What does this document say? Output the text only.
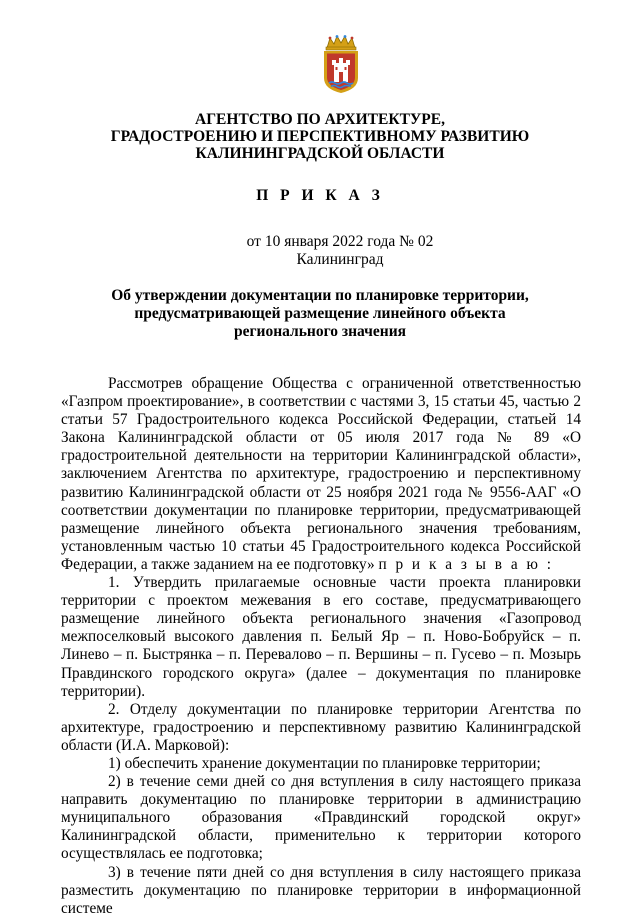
АГЕНТСТВО ПО АРХИТЕКТУРЕ,
ГРАДОСТРОЕНИЮ И ПЕРСПЕКТИВНОМУ РАЗВИТИЮ
КАЛИНИНГРАДСКОЙ ОБЛАСТИ
П Р И К А З
от 10 января 2022 года № 02
Калининград
Об утверждении документации по планировке территории,
предусматривающей размещение линейного объекта
регионального значения

Рассмотрев обращение Общества с ограниченной ответственностью «Газпром проектирование», в соответствии с частями 3, 15 статьи 45, частью 2 статьи 57 Градостроительного кодекса Российской Федерации, статьей 14 Закона Калининградской области от 05 июля 2017 года № 89 «О градостроительной деятельности на территории Калининградской области», заключением Агентства по архитектуре, градостроению и перспективному развитию Калининградской области от 25 ноября 2021 года № 9556-ААГ «О соответствии документации по планировке территории, предусматривающей размещение линейного объекта регионального значения требованиям, установленным частью 10 статьи 45 Градостроительного кодекса Российской Федерации, а также заданием на ее подготовку» п р и к а з ы в а ю :

1. Утвердить прилагаемые основные части проекта планировки территории с проектом межевания в его составе, предусматривающего размещение линейного объекта регионального значения «Газопровод межпоселковый высокого давления п. Белый Яр – п. Ново-Бобруйск – п. Линево – п. Быстрянка – п. Перевалово – п. Вершины – п. Гусево – п. Мозырь Правдинского городского округа» (далее – документация по планировке территории).

2. Отделу документации по планировке территории Агентства по архитектуре, градостроению и перспективному развитию Калининградской области (И.А. Марковой):

1) обеспечить хранение документации по планировке территории;

2) в течение семи дней со дня вступления в силу настоящего приказа направить документацию по планировке территории в администрацию муниципального образования «Правдинский городской округ» Калининградской области, применительно к территории которого осуществлялась ее подготовка;

3) в течение пяти дней со дня вступления в силу настоящего приказа разместить документацию по планировке территории в информационной системе
